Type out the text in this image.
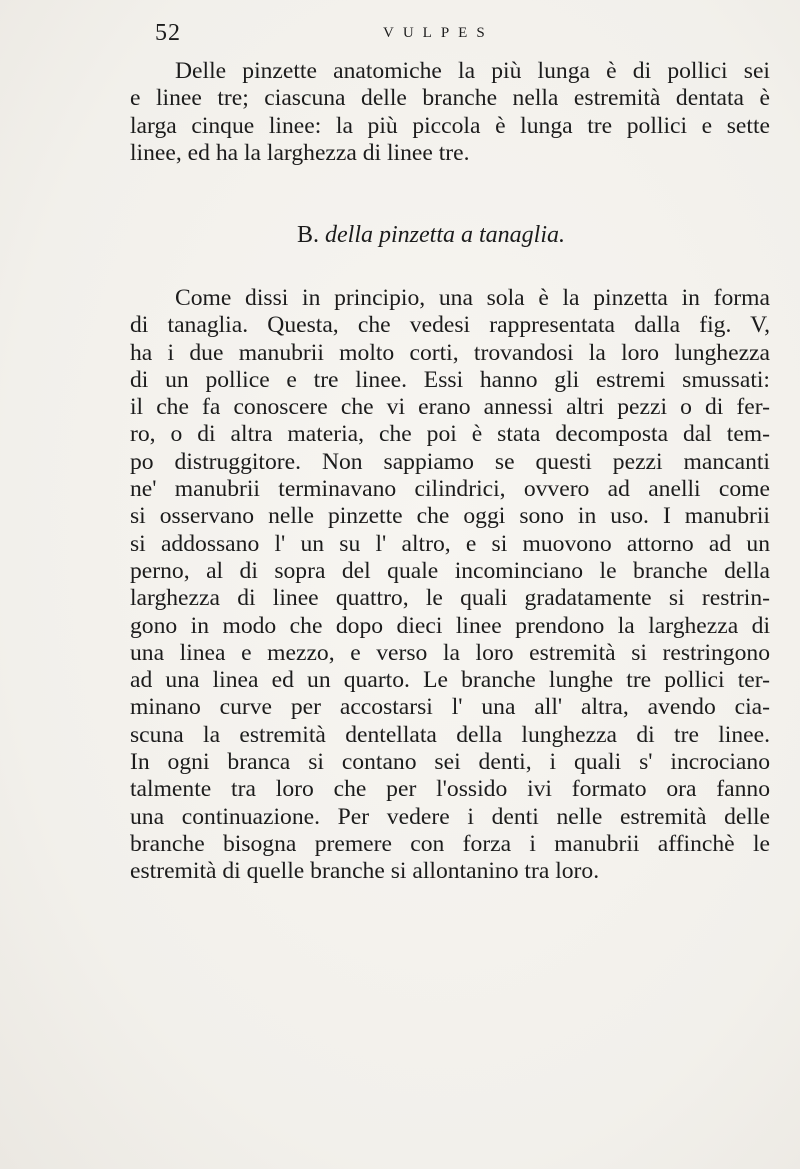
52	VULPES
Delle pinzette anatomiche la più lunga è di pollici sei
e linee tre; ciascuna delle branche nella estremità dentata è
larga cinque linee: la più piccola è lunga tre pollici e sette
linee, ed ha la larghezza di linee tre.
B. della pinzetta a tanaglia.
Come dissi in principio, una sola è la pinzetta in forma
di tanaglia. Questa, che vedesi rappresentata dalla fig. V,
ha i due manubrii molto corti, trovandosi la loro lunghezza
di un pollice e tre linee. Essi hanno gli estremi smussati:
il che fa conoscere che vi erano annessi altri pezzi o di fer-
ro, o di altra materia, che poi è stata decomposta dal tem-
po distruggitore. Non sappiamo se questi pezzi mancanti
ne' manubrii terminavano cilindrici, ovvero ad anelli come
si osservano nelle pinzette che oggi sono in uso. I manubrii
si addossano l' un su l' altro, e si muovono attorno ad un
perno, al di sopra del quale incominciano le branche della
larghezza di linee quattro, le quali gradatamente si restrin-
gono in modo che dopo dieci linee prendono la larghezza di
una linea e mezzo, e verso la loro estremità si restringono
ad una linea ed un quarto. Le branche lunghe tre pollici ter-
minano curve per accostarsi l' una all' altra, avendo cia-
scuna la estremità dentellata della lunghezza di tre linee.
In ogni branca si contano sei denti, i quali s' incrociano
talmente tra loro che per l'ossido ivi formato ora fanno
una continuazione. Per vedere i denti nelle estremità delle
branche bisogna premere con forza i manubrii affinchè le
estremità di quelle branche si allontanino tra loro.
